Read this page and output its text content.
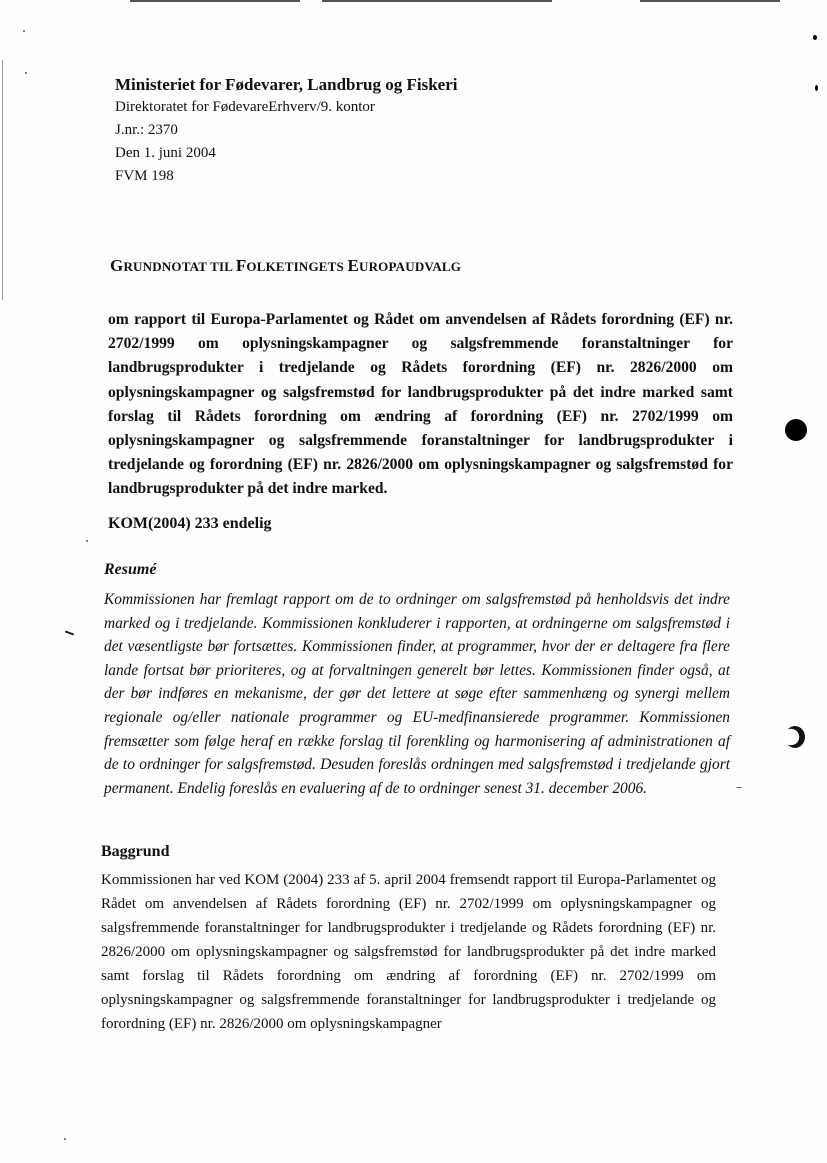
Ministeriet for Fødevarer, Landbrug og Fiskeri

Direktoratet for FødevareErhverv/9. kontor

J.nr.: 2370

Den 1. juni 2004

FVM 198

GRUNDNOTAT TIL FOLKETINGETS EUROPAUDVALG

om rapport til Europa-Parlamentet og Rådet om anvendelsen af Rådets forordning (EF) nr. 2702/1999 om oplysningskampagner og salgsfremmende foranstaltninger for landbrugsprodukter i tredjelande og Rådets forordning (EF) nr. 2826/2000 om oplysningskampagner og salgsfremstød for landbrugsprodukter på det indre marked samt forslag til Rådets forordning om ændring af forordning (EF) nr. 2702/1999 om oplysningskampagner og salgsfremmende foranstaltninger for landbrugsprodukter i tredjelande og forordning (EF) nr. 2826/2000 om oplysningskampagner og salgsfremstød for landbrugsprodukter på det indre marked.

KOM(2004) 233 endelig

Resumé

Kommissionen har fremlagt rapport om de to ordninger om salgsfremstød på henholdsvis det indre marked og i tredjelande. Kommissionen konkluderer i rapporten, at ordningerne om salgsfremstød i det væsentligste bør fortsættes. Kommissionen finder, at programmer, hvor der er deltagere fra flere lande fortsat bør prioriteres, og at forvaltningen generelt bør lettes. Kommissionen finder også, at der bør indføres en mekanisme, der gør det lettere at søge efter sammenhæng og synergi mellem regionale og/eller nationale programmer og EU-medfinansierede programmer. Kommissionen fremsætter som følge heraf en række forslag til forenkling og harmonisering af administrationen af de to ordninger for salgsfremstød. Desuden foreslås ordningen med salgsfremstød i tredjelande gjort permanent. Endelig foreslås en evaluering af de to ordninger senest 31. december 2006.

Baggrund

Kommissionen har ved KOM (2004) 233 af 5. april 2004 fremsendt rapport til Europa-Parlamentet og Rådet om anvendelsen af Rådets forordning (EF) nr. 2702/1999 om oplysningskampagner og salgsfremmende foranstaltninger for landbrugsprodukter i tredjelande og Rådets forordning (EF) nr. 2826/2000 om oplysningskampagner og salgsfremstød for landbrugsprodukter på det indre marked samt forslag til Rådets forordning om ændring af forordning (EF) nr. 2702/1999 om oplysningskampagner og salgsfremmende foranstaltninger for landbrugsprodukter i tredjelande og forordning (EF) nr. 2826/2000 om oplysningskampagner
